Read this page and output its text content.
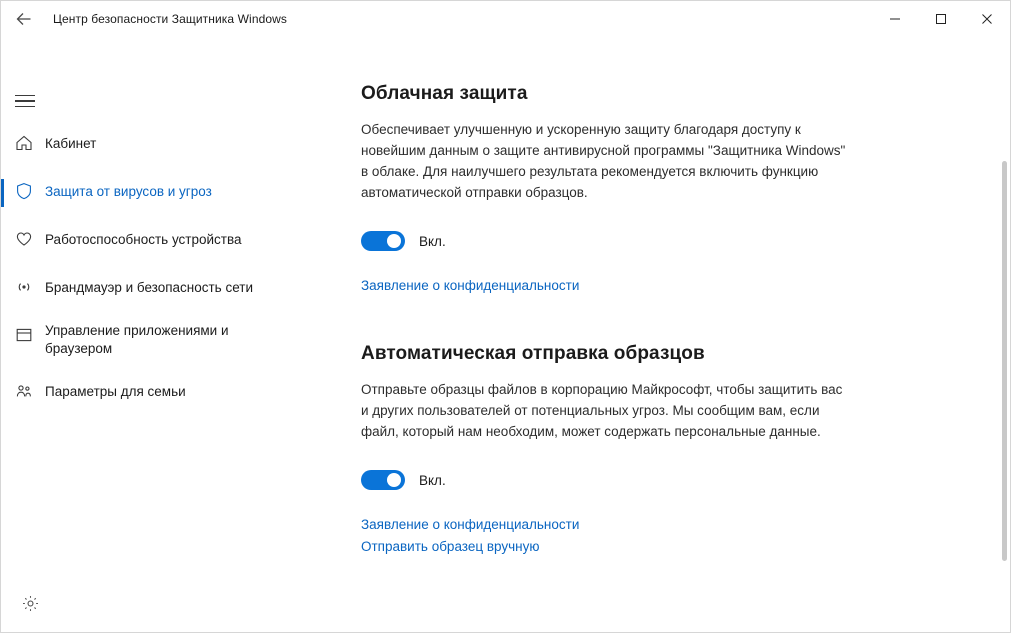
Центр безопасности Защитника Windows
Кабинет
Защита от вирусов и угроз
Работоспособность устройства
Брандмауэр и безопасность сети
Управление приложениями и браузером
Параметры для семьи
Облачная защита

Обеспечивает улучшенную и ускоренную защиту благодаря доступу к новейшим данным о защите антивирусной программы "Защитника Windows" в облаке. Для наилучшего результата рекомендуется включить функцию автоматической отправки образцов.

Вкл.
Заявление о конфиденциальности
Автоматическая отправка образцов

Отправьте образцы файлов в корпорацию Майкрософт, чтобы защитить вас и других пользователей от потенциальных угроз. Мы сообщим вам, если файл, который нам необходим, может содержать персональные данные.

Вкл.
Заявление о конфиденциальности
Отправить образец вручную
